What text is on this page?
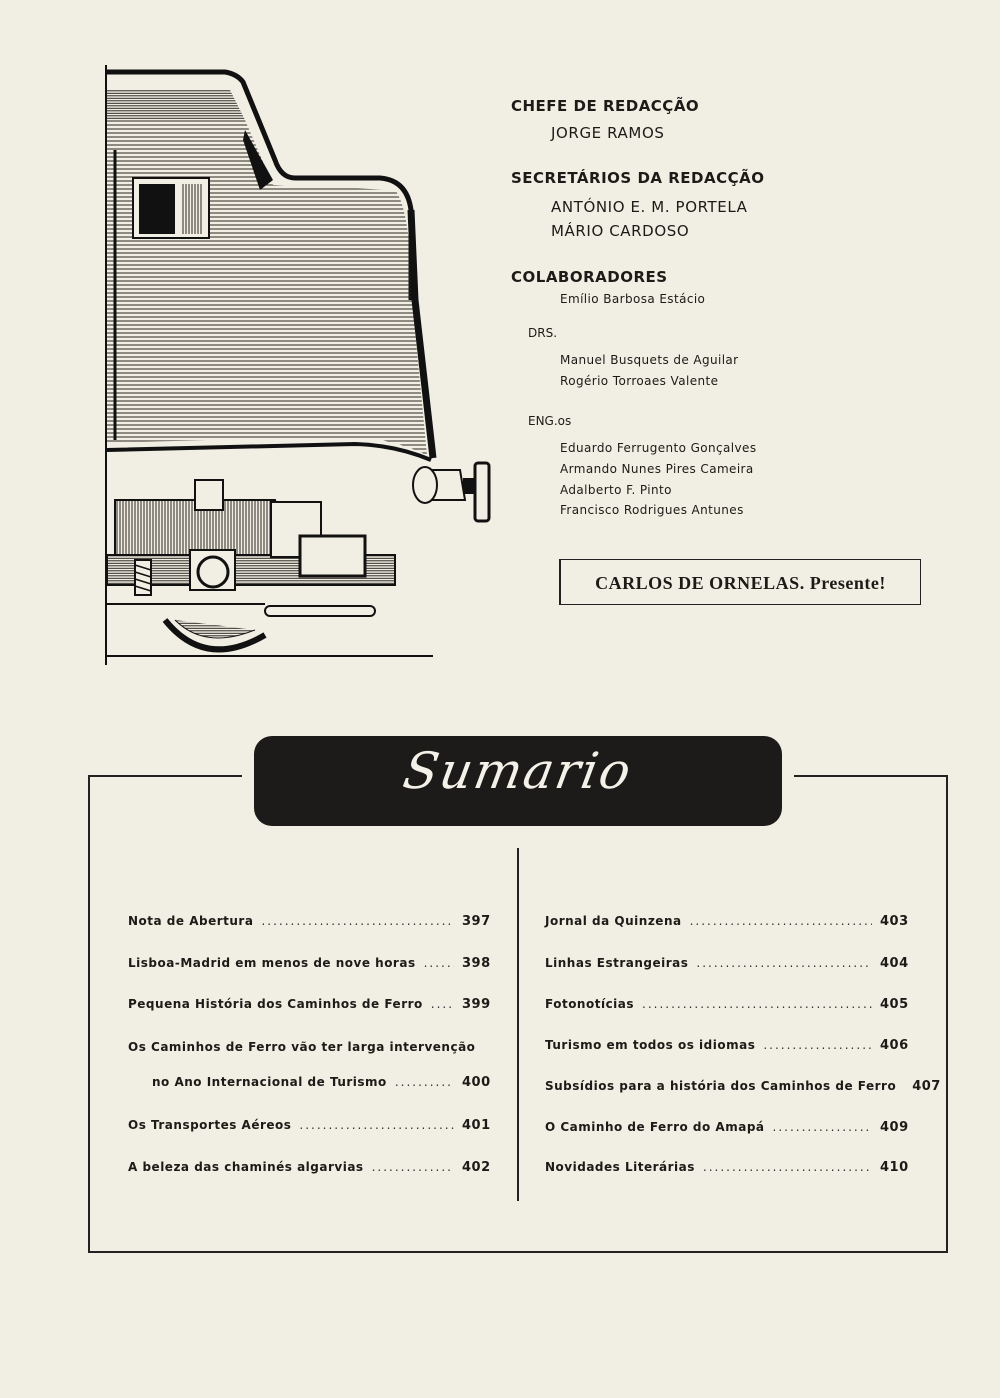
CHEFE DE REDACÇÃO
JORGE RAMOS
SECRETÁRIOS DA REDACÇÃO
ANTÓNIO E. M. PORTELA
MÁRIO CARDOSO
COLABORADORES
Emílio Barbosa Estácio
DRS.
Manuel Busquets de Aguilar
Rogério Torroaes Valente
ENG.os
Eduardo Ferrugento Gonçalves
Armando Nunes Pires Cameira
Adalberto F. Pinto
Francisco Rodrigues Antunes
CARLOS DE ORNELAS. Presente!
Sumario
Nota de Abertura .....	397
Lisboa-Madrid em menos de nove horas .....	398
Pequena História dos Caminhos de Ferro .....	399
Os Caminhos de Ferro vão ter larga intervenção
no Ano Internacional de Turismo .....	400
Os Transportes Aéreos .....	401
A beleza das chaminés algarvias .....	402
Jornal da Quinzena .....	403
Linhas Estrangeiras .....	404
Fotonotícias .....	405
Turismo em todos os idiomas .....	406
Subsídios para a história dos Caminhos de Ferro 407
O Caminho de Ferro do Amapá .....	409
Novidades Literárias .....	410
